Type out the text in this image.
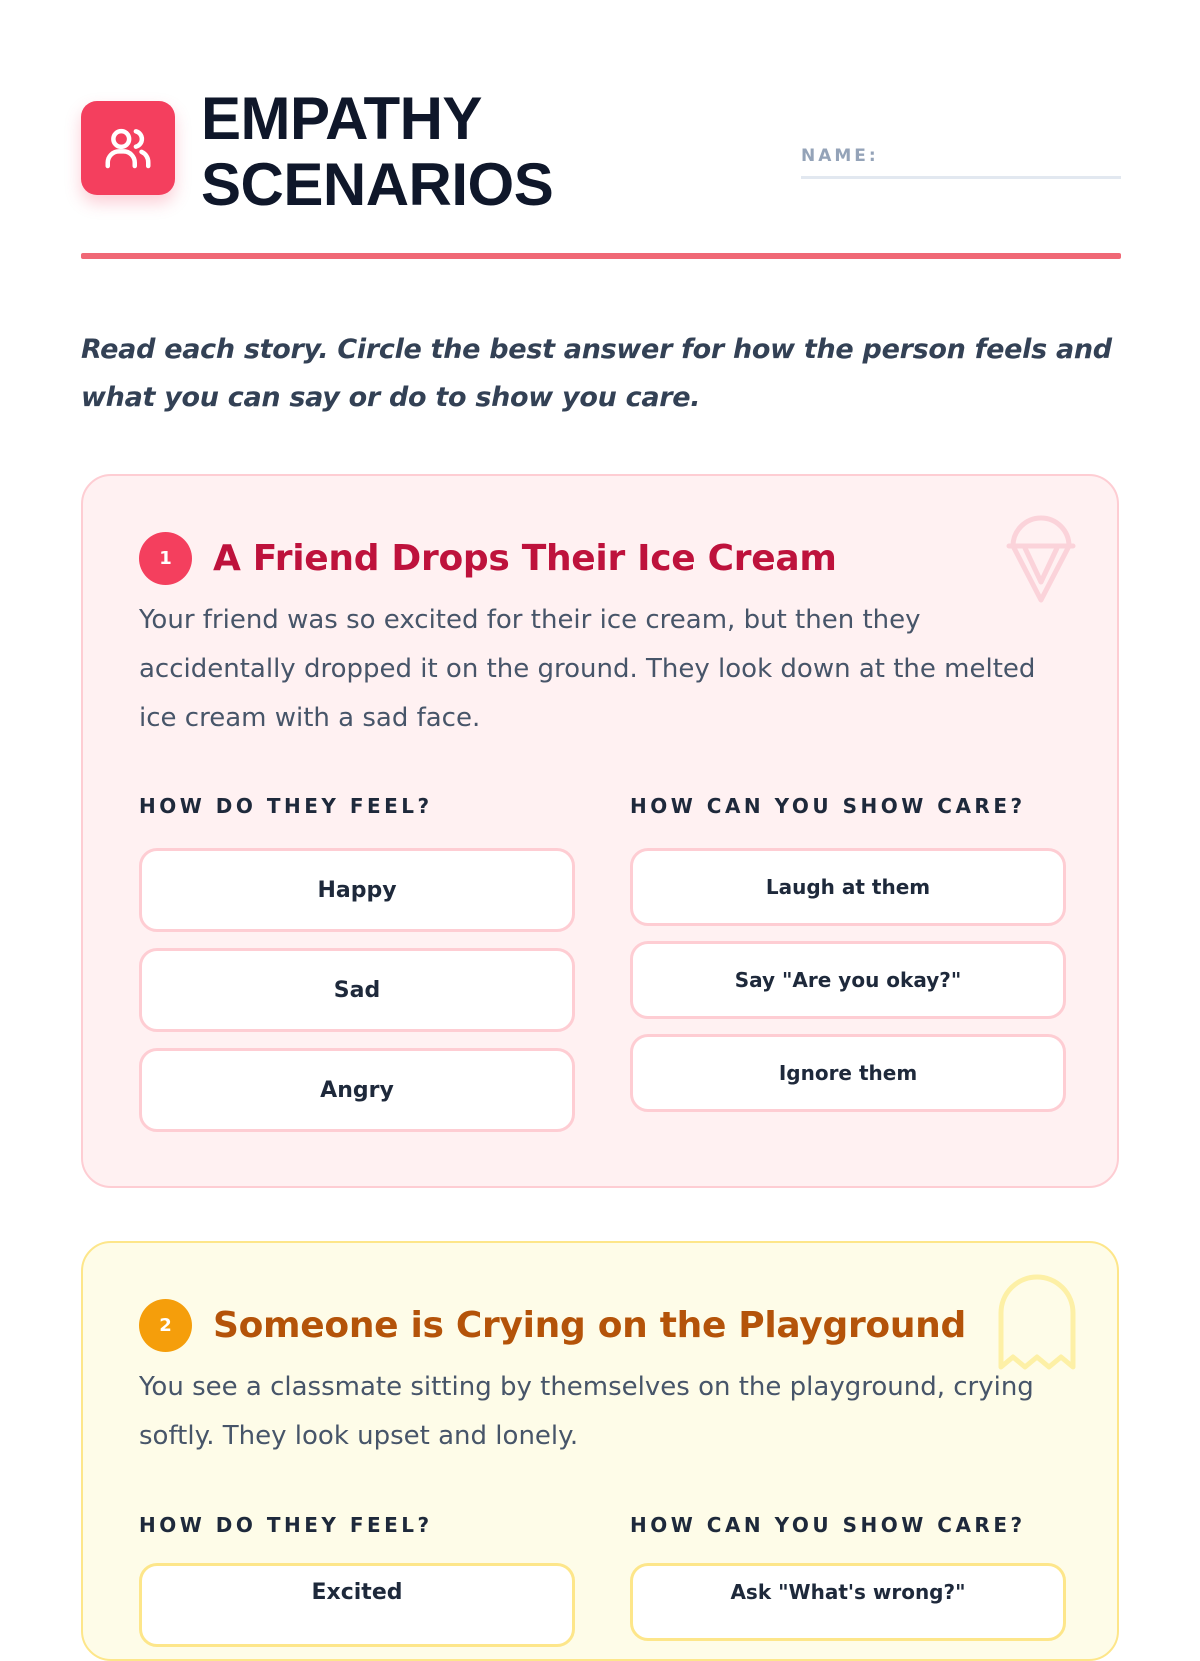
EMPATHY
SCENARIOS	NAME:

Read each story. Circle the best answer for how the person feels and what you can say or do to show you care.

1	A Friend Drops Their Ice Cream

Your friend was so excited for their ice cream, but then they accidentally dropped it on the ground. They look down at the melted ice cream with a sad face.

HOW DO THEY FEEL?	HOW CAN YOU SHOW CARE?
Happy
Sad
Angry
Laugh at them
Say "Are you okay?"
Ignore them
2	Someone is Crying on the Playground

You see a classmate sitting by themselves on the playground, crying softly. They look upset and lonely.

HOW DO THEY FEEL?	HOW CAN YOU SHOW CARE?
Excited	Ask "What's wrong?"
